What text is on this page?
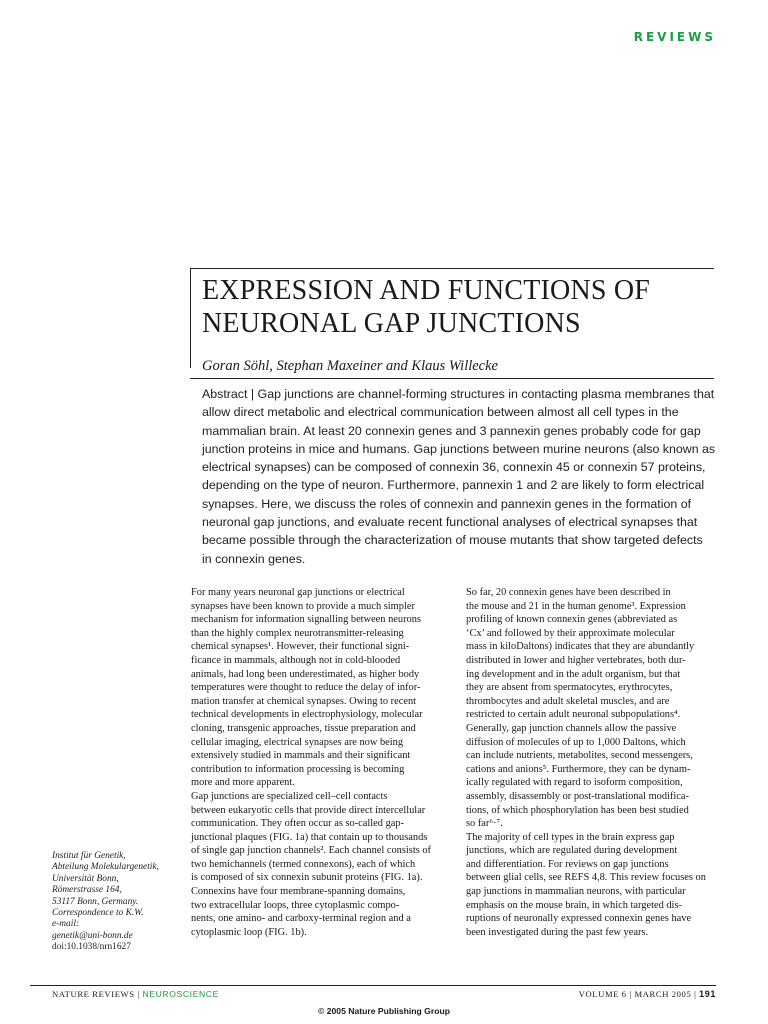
REVIEWS
EXPRESSION AND FUNCTIONS OF
NEURONAL GAP JUNCTIONS
Goran Söhl, Stephan Maxeiner and Klaus Willecke
Abstract | Gap junctions are channel-forming structures in contacting plasma membranes that
allow direct metabolic and electrical communication between almost all cell types in the
mammalian brain. At least 20 connexin genes and 3 pannexin genes probably code for gap
junction proteins in mice and humans. Gap junctions between murine neurons (also known as
electrical synapses) can be composed of connexin 36, connexin 45 or connexin 57 proteins,
depending on the type of neuron. Furthermore, pannexin 1 and 2 are likely to form electrical
synapses. Here, we discuss the roles of connexin and pannexin genes in the formation of
neuronal gap junctions, and evaluate recent functional analyses of electrical synapses that
became possible through the characterization of mouse mutants that show targeted defects
in connexin genes.
For many years neuronal gap junctions or electrical
synapses have been known to provide a much simpler
mechanism for information signalling between neurons
than the highly complex neurotransmitter-releasing
chemical synapses¹. However, their functional signi-
ficance in mammals, although not in cold-blooded
animals, had long been underestimated, as higher body
temperatures were thought to reduce the delay of infor-
mation transfer at chemical synapses. Owing to recent
technical developments in electrophysiology, molecular
cloning, transgenic approaches, tissue preparation and
cellular imaging, electrical synapses are now being
extensively studied in mammals and their significant
contribution to information processing is becoming
more and more apparent.
Gap junctions are specialized cell–cell contacts
between eukaryotic cells that provide direct intercellular
communication. They often occur as so-called gap-
junctional plaques (FIG. 1a) that contain up to thousands
of single gap junction channels². Each channel consists of
two hemichannels (termed connexons), each of which
is composed of six connexin subunit proteins (FIG. 1a).
Connexins have four membrane-spanning domains,
two extracellular loops, three cytoplasmic compo-
nents, one amino- and carboxy-terminal region and a
cytoplasmic loop (FIG. 1b).
So far, 20 connexin genes have been described in
the mouse and 21 in the human genome³. Expression
profiling of known connexin genes (abbreviated as
‘Cx’ and followed by their approximate molecular
mass in kiloDaltons) indicates that they are abundantly
distributed in lower and higher vertebrates, both dur-
ing development and in the adult organism, but that
they are absent from spermatocytes, erythrocytes,
thrombocytes and adult skeletal muscles, and are
restricted to certain adult neuronal subpopulations⁴.
Generally, gap junction channels allow the passive
diffusion of molecules of up to 1,000 Daltons, which
can include nutrients, metabolites, second messengers,
cations and anions⁵. Furthermore, they can be dynam-
ically regulated with regard to isoform composition,
assembly, disassembly or post-translational modifica-
tions, of which phosphorylation has been best studied
so far⁶·⁷.
The majority of cell types in the brain express gap
junctions, which are regulated during development
and differentiation. For reviews on gap junctions
between glial cells, see REFS 4,8. This review focuses on
gap junctions in mammalian neurons, with particular
emphasis on the mouse brain, in which targeted dis-
ruptions of neuronally expressed connexin genes have
been investigated during the past few years.
Institut für Genetik,
Abteilung Molekulargenetik,
Universität Bonn,
Römerstrasse 164,
53117 Bonn, Germany.
Correspondence to K.W.
e-mail:
genetik@uni-bonn.de
doi:10.1038/nrn1627
NATURE REVIEWS | NEUROSCIENCE	VOLUME 6 | MARCH 2005 | 191
© 2005 Nature Publishing Group
